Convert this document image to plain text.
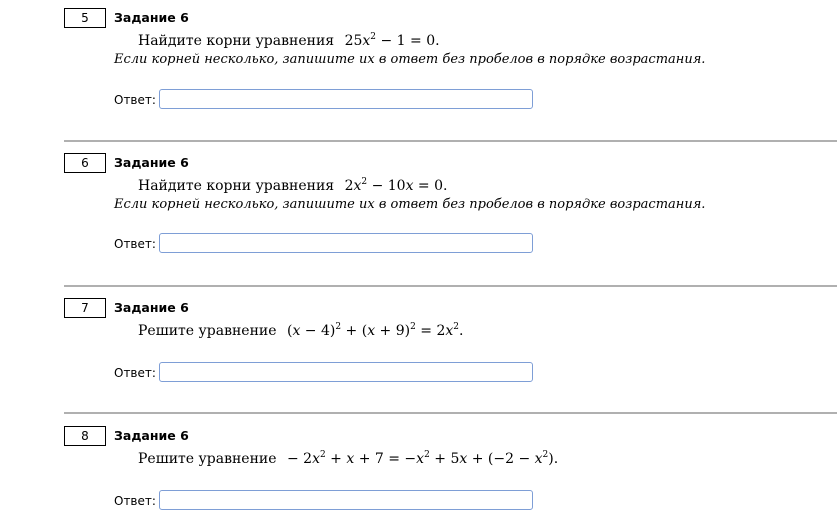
5	Задание 6
Найдите корни уравнения $25x^2 - 1 = 0$.
Если корней несколько, запишите их в ответ без пробелов в порядке возрастания.
Ответ:
6	Задание 6
Найдите корни уравнения $2x^2 - 10x = 0$.
Если корней несколько, запишите их в ответ без пробелов в порядке возрастания.
Ответ:
7	Задание 6
Решите уравнение $(x - 4)^2 + (x + 9)^2 = 2x^2$.
Ответ:
8	Задание 6
Решите уравнение − $2x^2 + x + 7 = -x^2 + 5x + (-2 - x^2)$.
Ответ:
